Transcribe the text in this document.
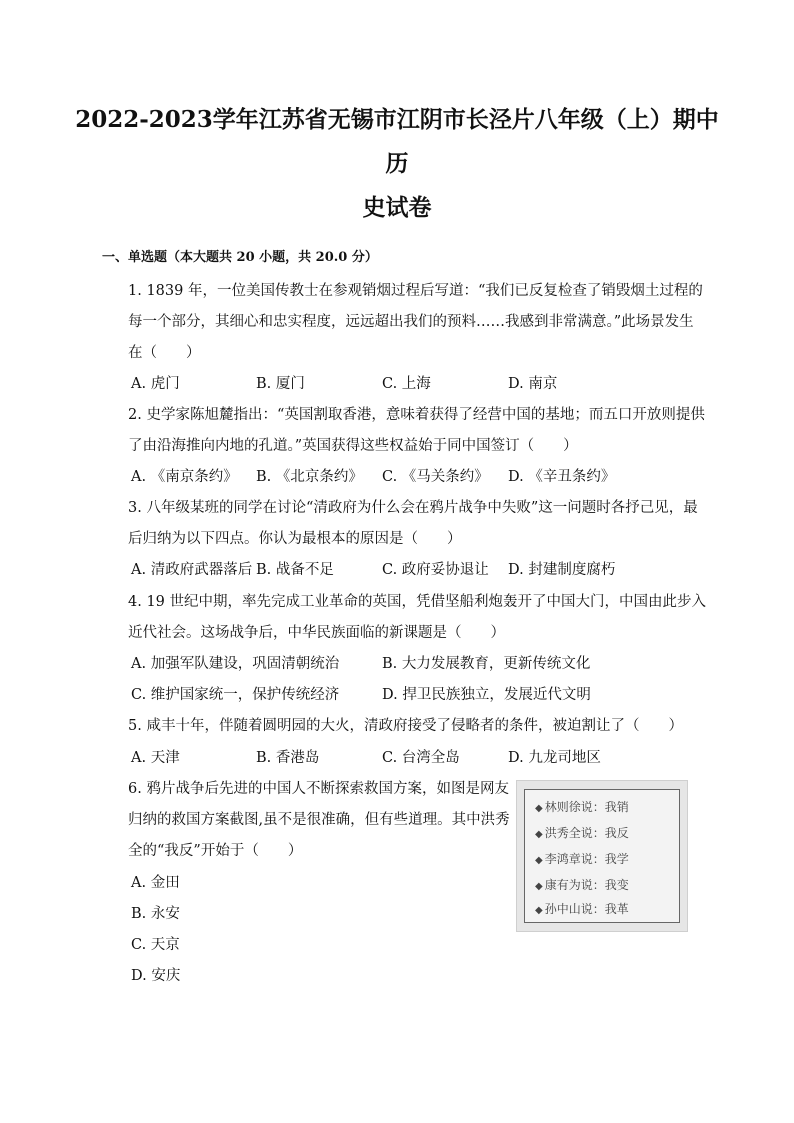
2022-2023学年江苏省无锡市江阴市长泾片八年级（上）期中历
史试卷
一、单选题（本大题共 20 小题，共 20.0 分）
1. 1839 年，一位美国传教士在参观销烟过程后写道：“我们已反复检查了销毁烟土过程的
每一个部分，其细心和忠实程度，远远超出我们的预料……我感到非常满意。”此场景发生
在（　　）
A. 虎门	B. 厦门	C. 上海	D. 南京
2. 史学家陈旭麓指出：“英国割取香港，意味着获得了经营中国的基地；而五口开放则提供
了由沿海推向内地的孔道。”英国获得这些权益始于同中国签订（　　）
A. 《南京条约》 B. 《北京条约》 C. 《马关条约》 D. 《辛丑条约》
3. 八年级某班的同学在讨论“清政府为什么会在鸦片战争中失败”这一问题时各抒己见，最
后归纳为以下四点。你认为最根本的原因是（　　）
A. 清政府武器落后 B. 战备不足	C. 政府妥协退让 D. 封建制度腐朽
4. 19 世纪中期，率先完成工业革命的英国，凭借坚船利炮轰开了中国大门，中国由此步入
近代社会。这场战争后，中华民族面临的新课题是（　　）
A. 加强军队建设，巩固清朝统治	B. 大力发展教育，更新传统文化
C. 维护国家统一，保护传统经济	D. 捍卫民族独立，发展近代文明
5. 咸丰十年，伴随着圆明园的大火，清政府接受了侵略者的条件，被迫割让了（　　）
A. 天津	B. 香港岛	C. 台湾全岛	D. 九龙司地区
6. 鸦片战争后先进的中国人不断探索救国方案，如图是网友
归纳的救国方案截图,虽不是很准确，但有些道理。其中洪秀
全的“我反”开始于（　　）
A. 金田
B. 永安
C. 天京
D. 安庆
◆ 林则徐说：我销
◆ 洪秀全说：我反
◆ 李鸿章说：我学
◆ 康有为说：我变
◆ 孙中山说：我革
